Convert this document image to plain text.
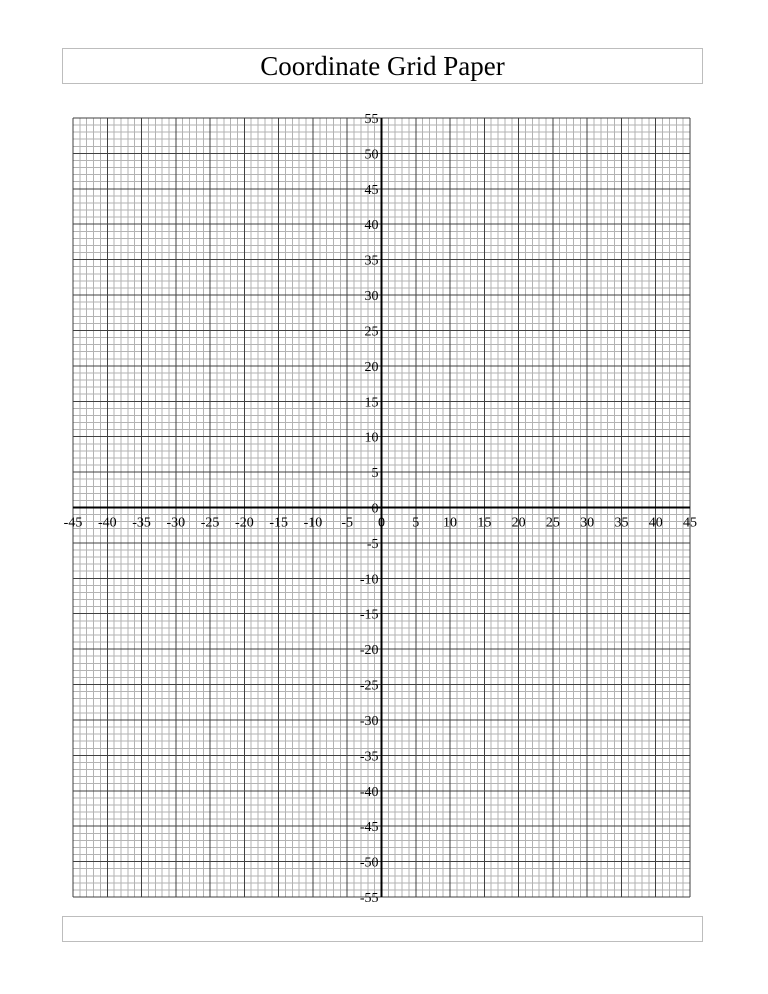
Coordinate Grid Paper
-45 -40 -35 -30 -25 -20 -15 -10 -5 0 5 10 15 20 25 30 35 40 45
55
50
45
40
35
30
25
20
15
10
5
0
-5
-10
-15
-20
-25
-30
-35
-40
-45
-50
-55
